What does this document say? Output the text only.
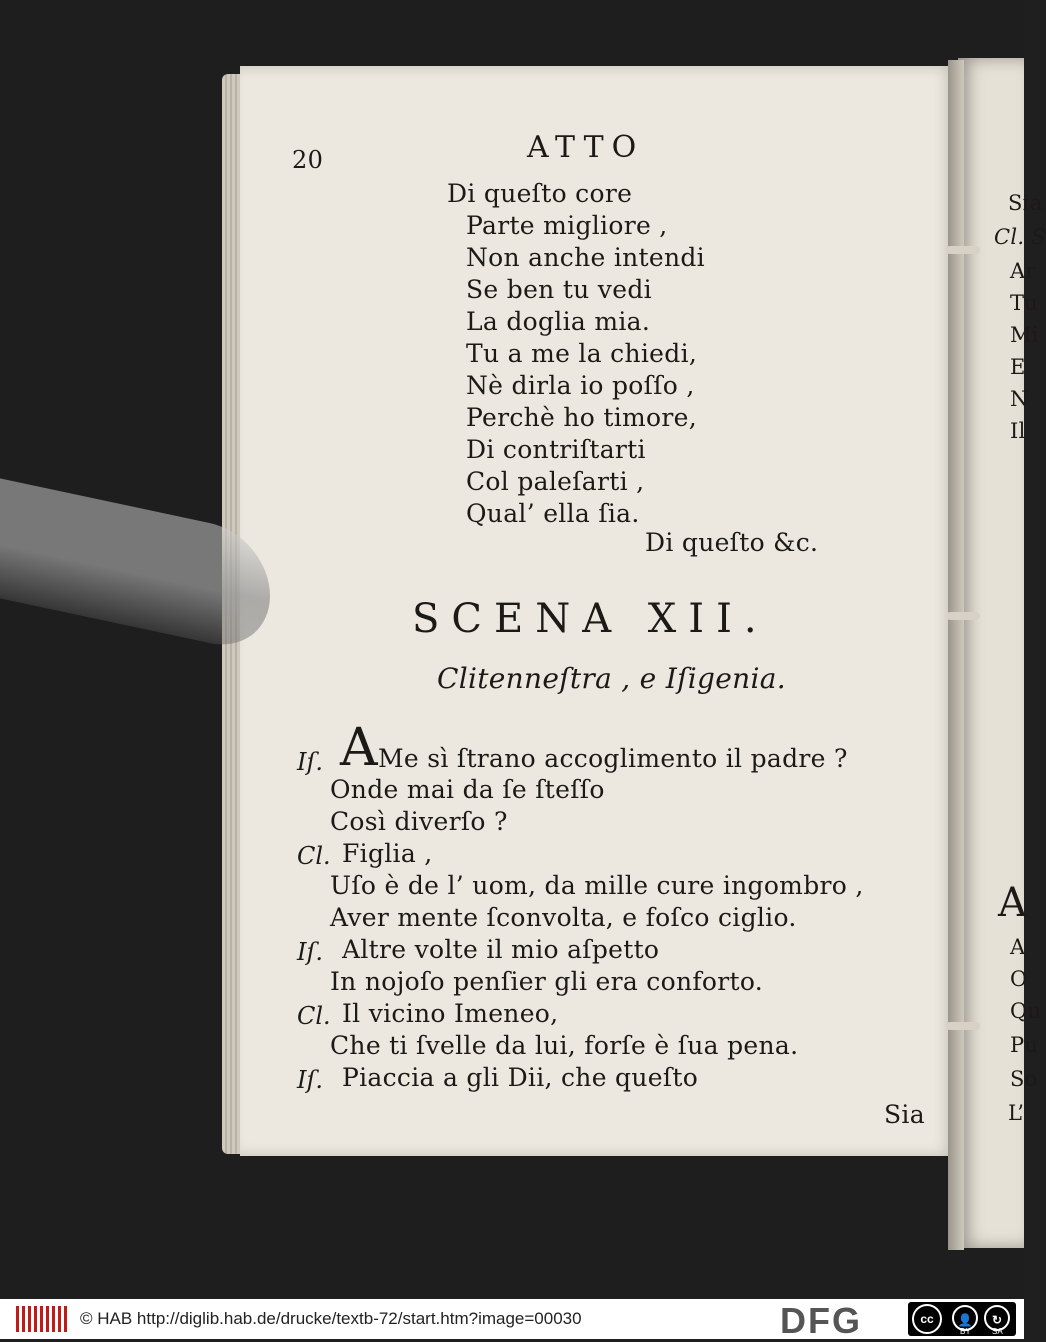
20	ATTO
Di queſto core
Parte migliore ,
Non anche intendi
Se ben tu vedi
La doglia mia.
Tu a me la chiedi,
Nè dirla io poſſo ,
Perchè ho timore,
Di contriſtarti
Col paleſarti ,
Qual’ ella ſia.
Di queſto &c.
SCENA XII.
Clitenneſtra , e Iſigenia.
Iſ. A Me sì ſtrano accoglimento il padre ?
Onde mai da ſe ſteſſo
Così diverſo ?
Cl. Figlia ,
Uſo è de l’ uom, da mille cure ingombro ,
Aver mente ſconvolta, e foſco ciglio.
Iſ. Altre volte il mio aſpetto
In nojoſo penſier gli era conforto.
Cl. Il vicino Imeneo,
Che ti ſvelle da lui, forſe è ſua pena.
Iſ. Piaccia a gli Dii, che queſto
Sia
Sia
Cl. S
Ar
Tu
Mi
E
N
Il
A
A
O
Qu
Pu
So
L’
© HAB http://diglib.hab.de/drucke/textb-72/start.htm?image=00030	DFG	cc	👤	↻
BY	SA
